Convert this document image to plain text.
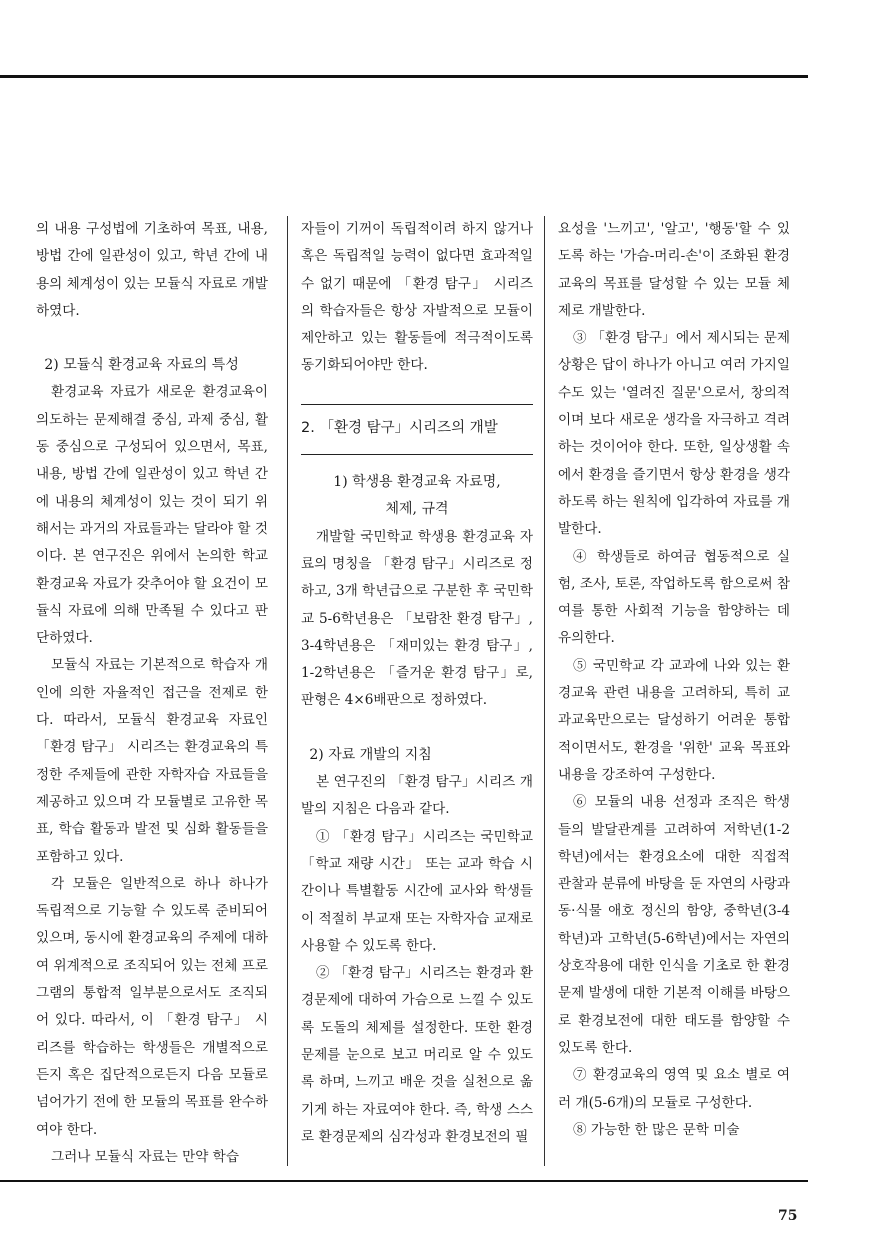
의 내용 구성법에 기초하여 목표, 내용, 방법 간에 일관성이 있고, 학년 간에 내용의 체계성이 있는 모듈식 자료로 개발하였다.

2) 모듈식 환경교육 자료의 특성

환경교육 자료가 새로운 환경교육이 의도하는 문제해결 중심, 과제 중심, 활동 중심으로 구성되어 있으면서, 목표, 내용, 방법 간에 일관성이 있고 학년 간에 내용의 체계성이 있는 것이 되기 위해서는 과거의 자료들과는 달라야 할 것이다. 본 연구진은 위에서 논의한 학교 환경교육 자료가 갖추어야 할 요건이 모듈식 자료에 의해 만족될 수 있다고 판단하였다.

모듈식 자료는 기본적으로 학습자 개인에 의한 자율적인 접근을 전제로 한다. 따라서, 모듈식 환경교육 자료인 「환경 탐구」 시리즈는 환경교육의 특정한 주제들에 관한 자학자습 자료들을 제공하고 있으며 각 모듈별로 고유한 목표, 학습 활동과 발전 및 심화 활동들을 포함하고 있다.

각 모듈은 일반적으로 하나 하나가 독립적으로 기능할 수 있도록 준비되어 있으며, 동시에 환경교육의 주제에 대하여 위계적으로 조직되어 있는 전체 프로그램의 통합적 일부분으로서도 조직되어 있다. 따라서, 이 「환경 탐구」 시리즈를 학습하는 학생들은 개별적으로든지 혹은 집단적으로든지 다음 모듈로 넘어가기 전에 한 모듈의 목표를 완수하여야 한다.

그러나 모듈식 자료는 만약 학습

자들이 기꺼이 독립적이려 하지 않거나 혹은 독립적일 능력이 없다면 효과적일 수 없기 때문에 「환경 탐구」 시리즈의 학습자들은 항상 자발적으로 모듈이 제안하고 있는 활동들에 적극적이도록 동기화되어야만 한다.

2. 「환경 탐구」시리즈의 개발
1) 학생용 환경교육 자료명,
체제, 규격

개발할 국민학교 학생용 환경교육 자료의 명칭을 「환경 탐구」시리즈로 정하고, 3개 학년급으로 구분한 후 국민학교 5-6학년용은 「보람찬 환경 탐구」, 3-4학년용은 「재미있는 환경 탐구」, 1-2학년용은 「즐거운 환경 탐구」로, 판형은 4×6배판으로 정하였다.

2) 자료 개발의 지침

본 연구진의 「환경 탐구」시리즈 개발의 지침은 다음과 같다.

① 「환경 탐구」시리즈는 국민학교 「학교 재량 시간」 또는 교과 학습 시간이나 특별활동 시간에 교사와 학생들이 적절히 부교재 또는 자학자습 교재로 사용할 수 있도록 한다.

② 「환경 탐구」시리즈는 환경과 환경문제에 대하여 가슴으로 느낄 수 있도록 도돌의 체제를 설정한다. 또한 환경문제를 눈으로 보고 머리로 알 수 있도록 하며, 느끼고 배운 것을 실천으로 옮기게 하는 자료여야 한다. 즉, 학생 스스로 환경문제의 심각성과 환경보전의 필

요성을 '느끼고', '알고', '행동'할 수 있도록 하는 '가슴-머리-손'이 조화된 환경교육의 목표를 달성할 수 있는 모듈 체제로 개발한다.

③ 「환경 탐구」에서 제시되는 문제 상황은 답이 하나가 아니고 여러 가지일 수도 있는 '열려진 질문'으로서, 창의적이며 보다 새로운 생각을 자극하고 격려하는 것이어야 한다. 또한, 일상생활 속에서 환경을 즐기면서 항상 환경을 생각하도록 하는 원칙에 입각하여 자료를 개발한다.

④ 학생들로 하여금 협동적으로 실험, 조사, 토론, 작업하도록 함으로써 참여를 통한 사회적 기능을 함양하는 데 유의한다.

⑤ 국민학교 각 교과에 나와 있는 환경교육 관련 내용을 고려하되, 특히 교과교육만으로는 달성하기 어려운 통합적이면서도, 환경을 '위한' 교육 목표와 내용을 강조하여 구성한다.

⑥ 모듈의 내용 선정과 조직은 학생들의 발달관계를 고려하여 저학년(1-2학년)에서는 환경요소에 대한 직접적 관찰과 분류에 바탕을 둔 자연의 사랑과 동·식물 애호 정신의 함양, 중학년(3-4학년)과 고학년(5-6학년)에서는 자연의 상호작용에 대한 인식을 기초로 한 환경문제 발생에 대한 기본적 이해를 바탕으로 환경보전에 대한 태도를 함양할 수 있도록 한다.

⑦ 환경교육의 영역 및 요소 별로 여러 개(5-6개)의 모듈로 구성한다.

⑧ 가능한 한 많은 문학 미술

75
